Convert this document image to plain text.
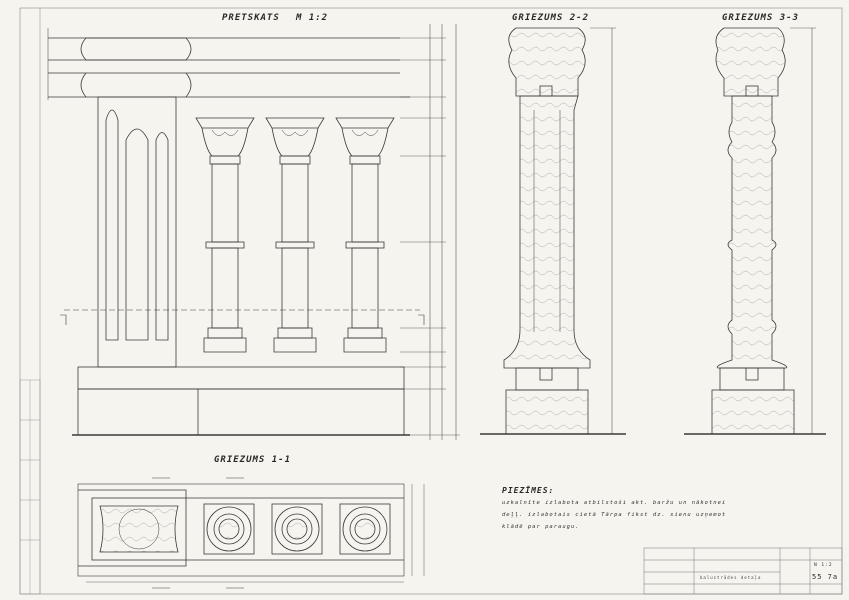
PRETSKATS M 1:2	GRIEZUMS 2-2	GRIEZUMS 3-3
GRIEZUMS 1-1
PIEZĪMES:
uzkalnīte izlabota atbilstoši akt. baržu un nākotnei
deļļ. izlabotais cietā Tārpa fikst dz. sienu uzņemot
klādē par paraugu.
balustrādes detaļa
N 1:2
55 7a
